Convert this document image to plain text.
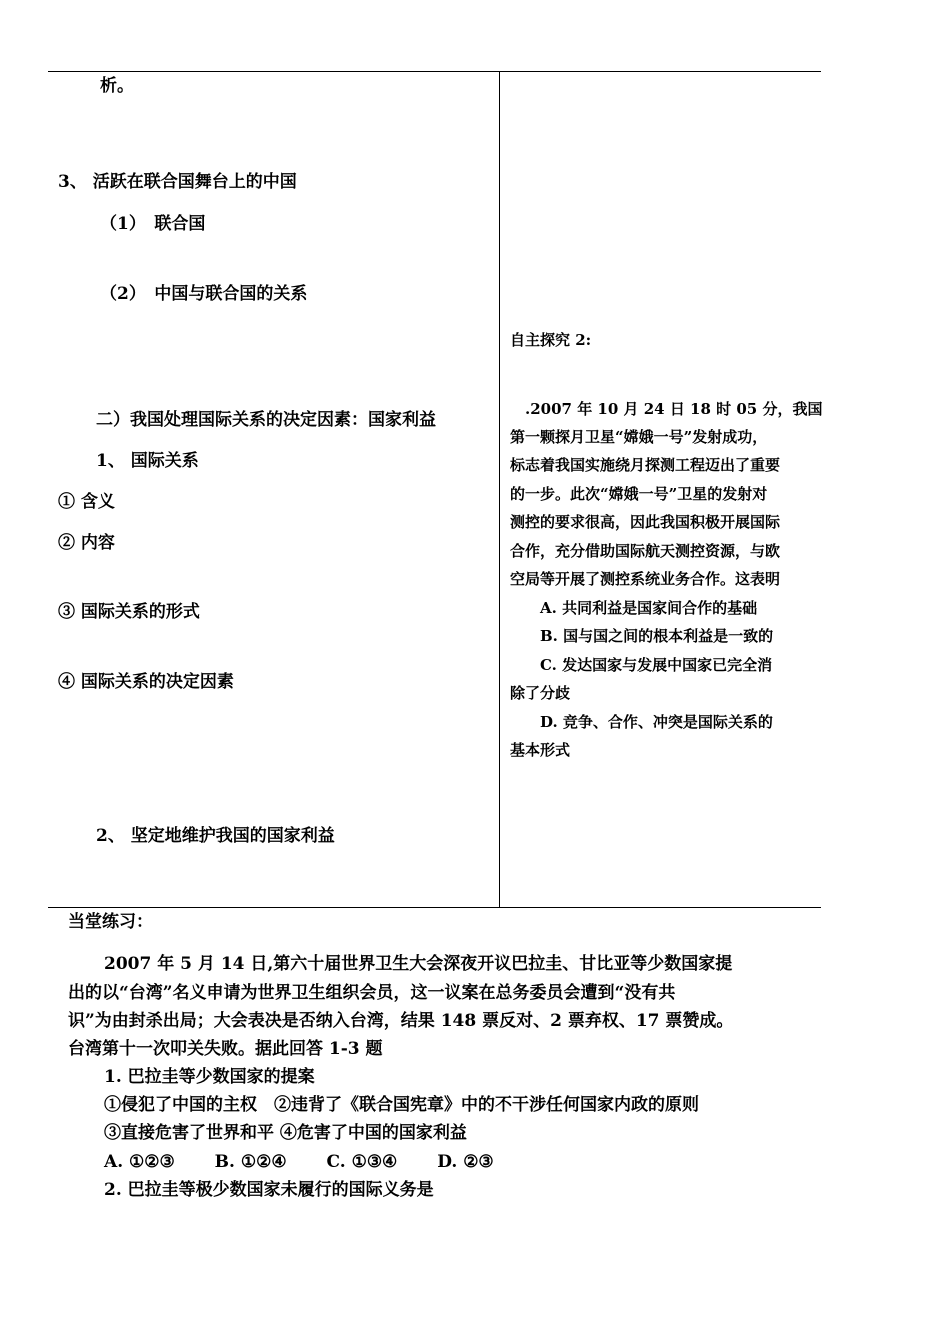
析。
3、 活跃在联合国舞台上的中国
（1）　联合国
（2）　中国与联合国的关系
二）我国处理国际关系的决定因素：国家利益
1、 国际关系
① 含义
② 内容
③ 国际关系的形式
④ 国际关系的决定因素
2、 坚定地维护我国的国家利益
自主探究 2:
　.2007 年 10 月 24 日 18 时 05 分，我国
第一颗探月卫星“嫦娥一号”发射成功，
标志着我国实施绕月探测工程迈出了重要
的一步。此次“嫦娥一号”卫星的发射对
测控的要求很高，因此我国积极开展国际
合作，充分借助国际航天测控资源，与欧
空局等开展了测控系统业务合作。这表明
A. 共同利益是国家间合作的基础
B. 国与国之间的根本利益是一致的
C. 发达国家与发展中国家已完全消
除了分歧
D. 竞争、合作、冲突是国际关系的
基本形式
当堂练习：
2007 年 5 月 14 日,第六十届世界卫生大会深夜开议巴拉圭、甘比亚等少数国家提
出的以“台湾”名义申请为世界卫生组织会员，这一议案在总务委员会遭到“没有共
识”为由封杀出局；大会表决是否纳入台湾，结果 148 票反对、2 票弃权、17 票赞成。
台湾第十一次叩关失败。据此回答 1-3 题
1. 巴拉圭等少数国家的提案
①侵犯了中国的主权　②违背了《联合国宪章》中的不干涉任何国家内政的原则
③直接危害了世界和平 ④危害了中国的国家利益
A. ①②③　　 B. ①②④　　 C. ①③④　　 D. ②③
2. 巴拉圭等极少数国家未履行的国际义务是
